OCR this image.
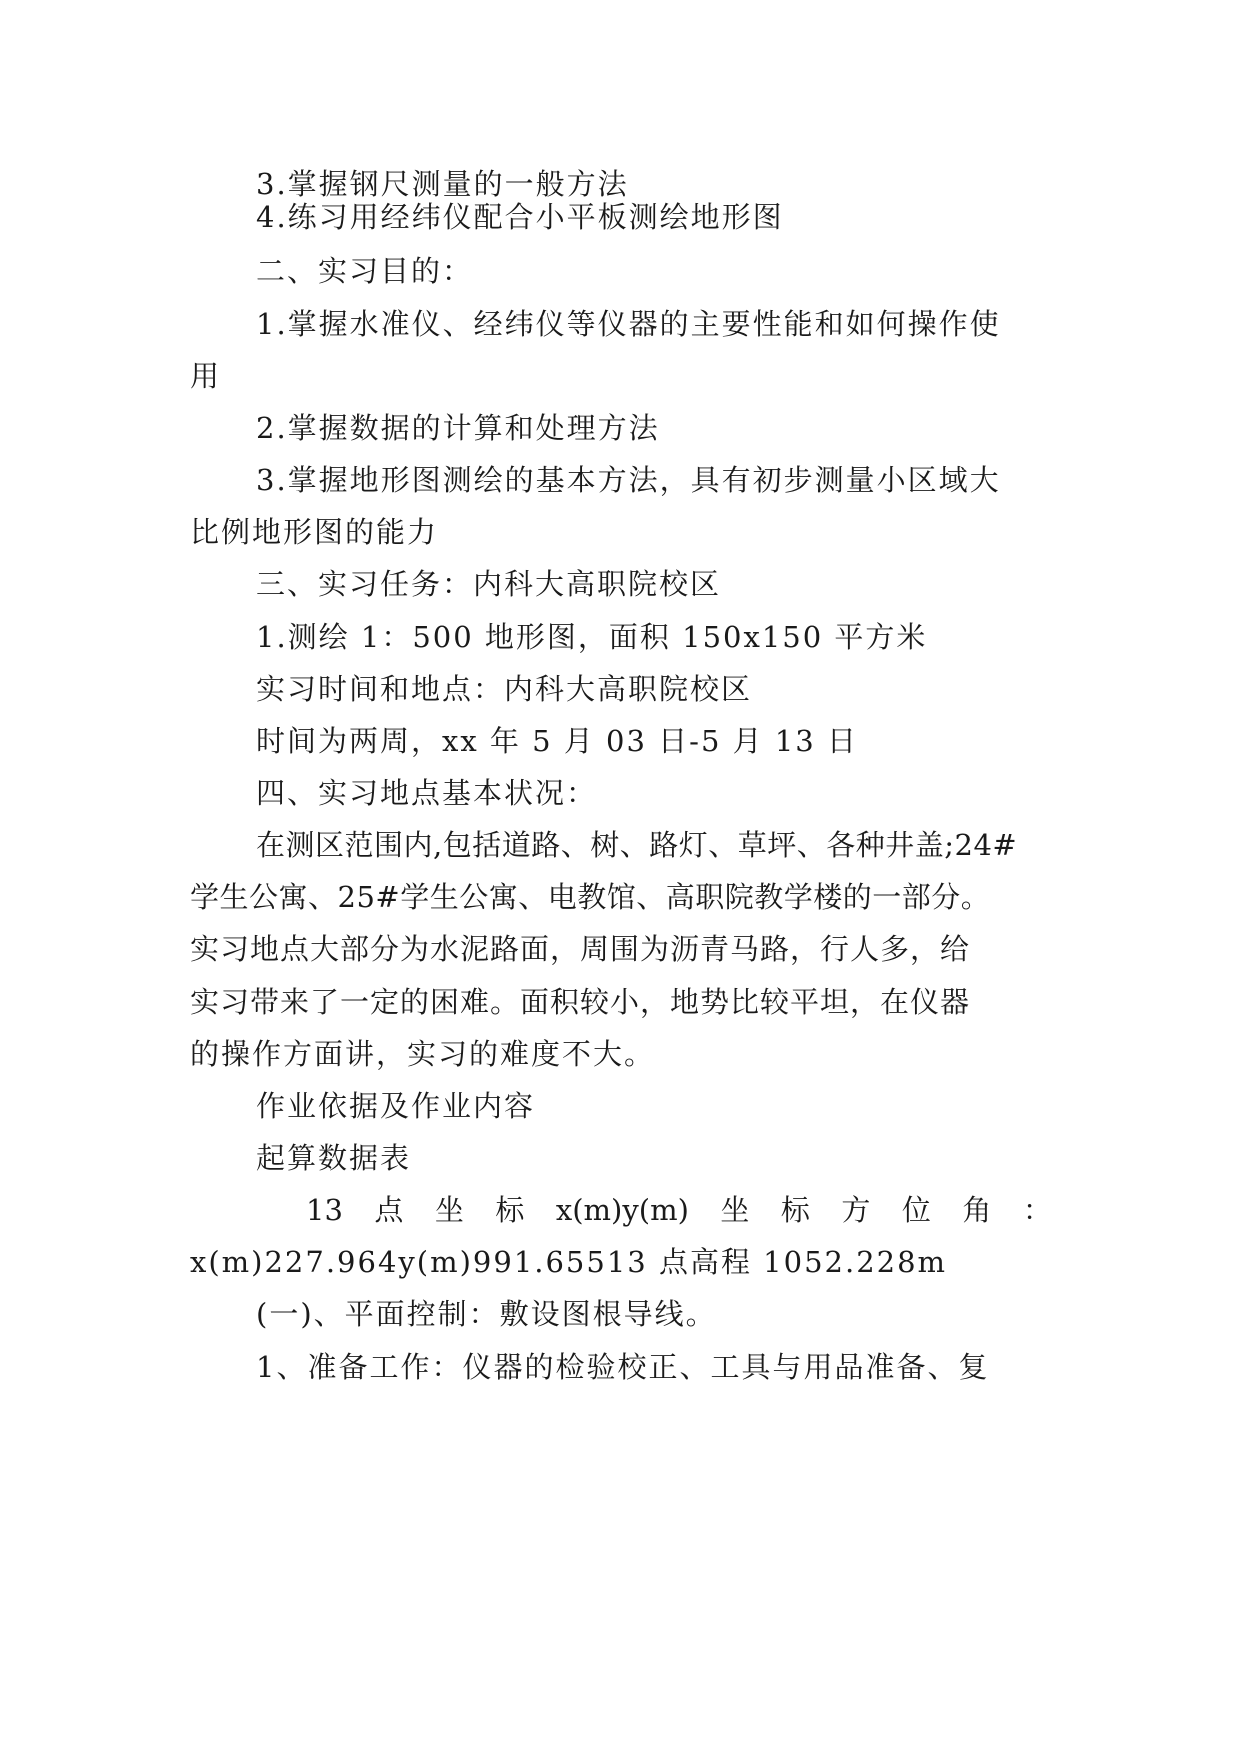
3.掌握钢尺测量的一般方法
4.练习用经纬仪配合小平板测绘地形图
二、实习目的：
1.掌握水准仪、经纬仪等仪器的主要性能和如何操作使
用
2.掌握数据的计算和处理方法
3.掌握地形图测绘的基本方法，具有初步测量小区域大
比例地形图的能力
三、实习任务：内科大高职院校区
1.测绘 1：500 地形图，面积 150x150 平方米
实习时间和地点：内科大高职院校区
时间为两周，xx 年 5 月 03 日-5 月 13 日
四、实习地点基本状况：
在测区范围内,包括道路、树、路灯、草坪、各种井盖;24#
学生公寓、25#学生公寓、电教馆、高职院教学楼的一部分。
实习地点大部分为水泥路面，周围为沥青马路，行人多，给
实习带来了一定的困难。面积较小，地势比较平坦，在仪器
的操作方面讲，实习的难度不大。
作业依据及作业内容
起算数据表
13 点 坐 标 x(m)y(m) 坐 标 方 位 角 ：
x(m)227.964y(m)991.65513 点高程 1052.228m
(一)、平面控制：敷设图根导线。
1、准备工作：仪器的检验校正、工具与用品准备、复
